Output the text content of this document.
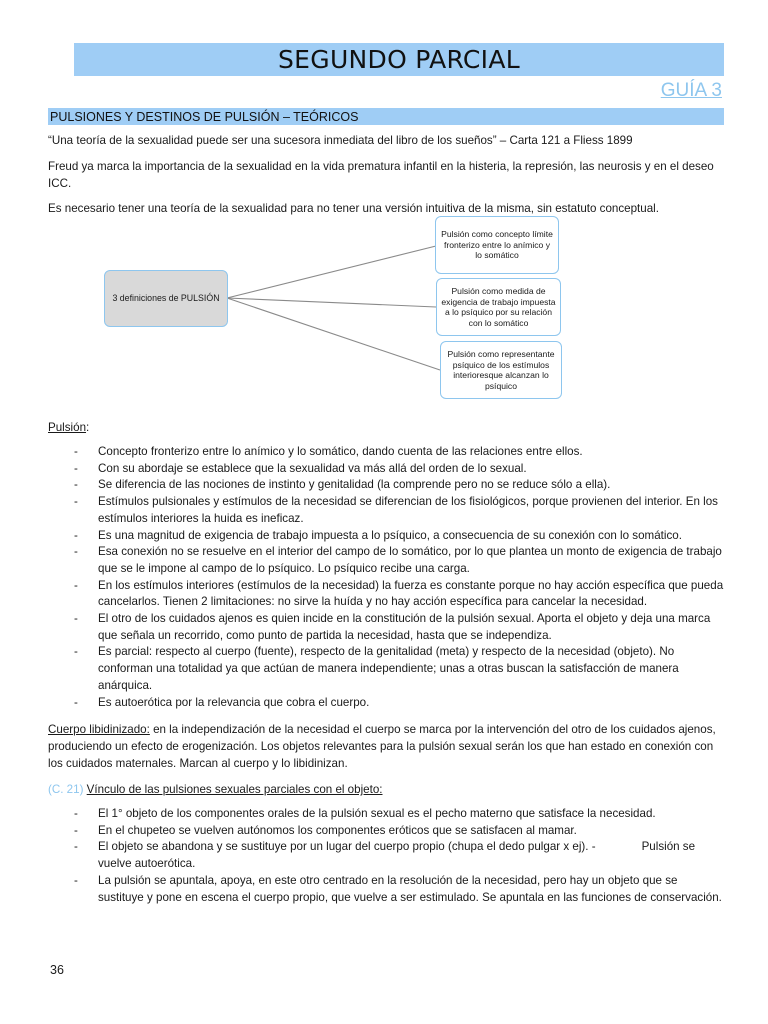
SEGUNDO PARCIAL
GUÍA 3
PULSIONES Y DESTINOS DE PULSIÓN – TEÓRICOS

“Una teoría de la sexualidad puede ser una sucesora inmediata del libro de los sueños” – Carta 121 a Fliess 1899

Freud ya marca la importancia de la sexualidad en la vida prematura infantil en la histeria, la represión, las neurosis y en el deseo ICC.

Es necesario tener una teoría de la sexualidad para no tener una versión intuitiva de la misma, sin estatuto conceptual.

3 definiciones de PULSIÓN
Pulsión como concepto límite fronterizo entre lo anímico y lo somático
Pulsión como medida de exigencia de trabajo impuesta a lo psíquico por su relación con lo somático
Pulsión como representante psíquico de los estímulos interioresque alcanzan lo psíquico

Pulsión:

- Concepto fronterizo entre lo anímico y lo somático, dando cuenta de las relaciones entre ellos.
- Con su abordaje se establece que la sexualidad va más allá del orden de lo sexual.
- Se diferencia de las nociones de instinto y genitalidad (la comprende pero no se reduce sólo a ella).
- Estímulos pulsionales y estímulos de la necesidad se diferencian de los fisiológicos, porque provienen del interior. En los estímulos interiores la huida es ineficaz.
- Es una magnitud de exigencia de trabajo impuesta a lo psíquico, a consecuencia de su conexión con lo somático.
- Esa conexión no se resuelve en el interior del campo de lo somático, por lo que plantea un monto de exigencia de trabajo que se le impone al campo de lo psíquico. Lo psíquico recibe una carga.
- En los estímulos interiores (estímulos de la necesidad) la fuerza es constante porque no hay acción específica que pueda cancelarlos. Tienen 2 limitaciones: no sirve la huída y no hay acción específica para cancelar la necesidad.
- El otro de los cuidados ajenos es quien incide en la constitución de la pulsión sexual. Aporta el objeto y deja una marca que señala un recorrido, como punto de partida la necesidad, hasta que se independiza.
- Es parcial: respecto al cuerpo (fuente), respecto de la genitalidad (meta) y respecto de la necesidad (objeto). No conforman una totalidad ya que actúan de manera independiente; unas a otras buscan la satisfacción de manera anárquica.
- Es autoerótica por la relevancia que cobra el cuerpo.

Cuerpo libidinizado: en la independización de la necesidad el cuerpo se marca por la intervención del otro de los cuidados ajenos, produciendo un efecto de erogenización. Los objetos relevantes para la pulsión sexual serán los que han estado en conexión con los cuidados maternales. Marcan al cuerpo y lo libidinizan.

(C. 21) Vínculo de las pulsiones sexuales parciales con el objeto:

- El 1° objeto de los componentes orales de la pulsión sexual es el pecho materno que satisface la necesidad.
- En el chupeteo se vuelven autónomos los componentes eróticos que se satisfacen al mamar.
- El objeto se abandona y se sustituye por un lugar del cuerpo propio (chupa el dedo pulgar x ej). -	Pulsión se
vuelve autoerótica.
- La pulsión se apuntala, apoya, en este otro centrado en la resolución de la necesidad, pero hay un objeto que se sustituye y pone en escena el cuerpo propio, que vuelve a ser estimulado. Se apuntala en las funciones de conservación.
36
